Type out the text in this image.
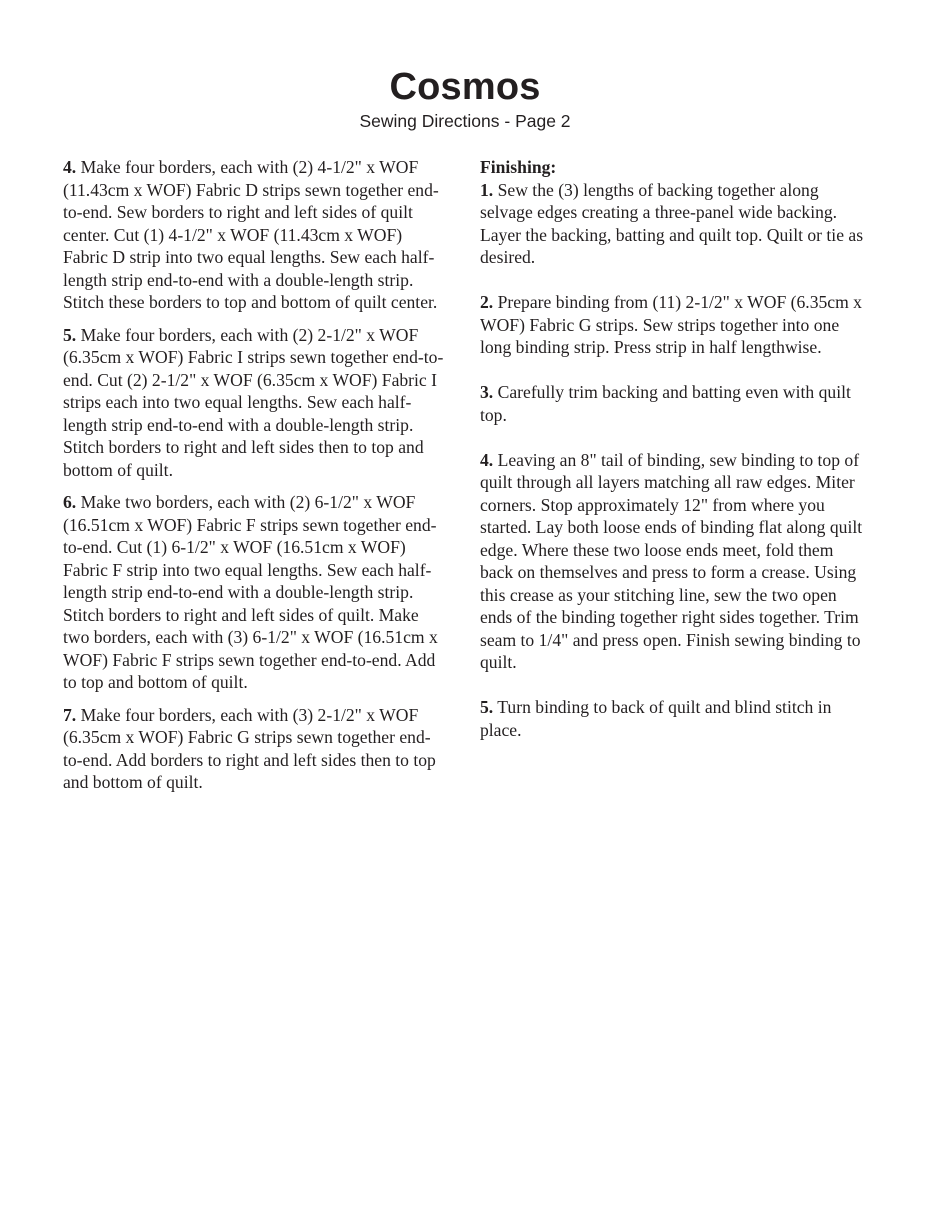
Cosmos

Sewing Directions - Page 2

4. Make four borders, each with (2) 4-1/2" x WOF (11.43cm x WOF) Fabric D strips sewn together end-to-end. Sew borders to right and left sides of quilt center. Cut (1) 4-1/2" x WOF (11.43cm x WOF) Fabric D strip into two equal lengths. Sew each half-length strip end-to-end with a double-length strip. Stitch these borders to top and bottom of quilt center.

5. Make four borders, each with (2) 2-1/2" x WOF (6.35cm x WOF) Fabric I strips sewn together end-to-end. Cut (2) 2-1/2" x WOF (6.35cm x WOF) Fabric I strips each into two equal lengths. Sew each half-length strip end-to-end with a double-length strip. Stitch borders to right and left sides then to top and bottom of quilt.

6. Make two borders, each with (2) 6-1/2" x WOF (16.51cm x WOF) Fabric F strips sewn together end-to-end. Cut (1) 6-1/2" x WOF (16.51cm x WOF) Fabric F strip into two equal lengths. Sew each half-length strip end-to-end with a double-length strip. Stitch borders to right and left sides of quilt. Make two borders, each with (3) 6-1/2" x WOF (16.51cm x WOF) Fabric F strips sewn together end-to-end. Add to top and bottom of quilt.

7. Make four borders, each with (3) 2-1/2" x WOF (6.35cm x WOF) Fabric G strips sewn together end-to-end. Add borders to right and left sides then to top and bottom of quilt.

Finishing:

1. Sew the (3) lengths of backing together along selvage edges creating a three-panel wide backing. Layer the backing, batting and quilt top. Quilt or tie as desired.

2. Prepare binding from (11) 2-1/2" x WOF (6.35cm x WOF) Fabric G strips. Sew strips together into one long binding strip. Press strip in half lengthwise.

3. Carefully trim backing and batting even with quilt top.

4. Leaving an 8" tail of binding, sew binding to top of quilt through all layers matching all raw edges. Miter corners. Stop approximately 12" from where you started. Lay both loose ends of binding flat along quilt edge. Where these two loose ends meet, fold them back on themselves and press to form a crease. Using this crease as your stitching line, sew the two open ends of the binding together right sides together. Trim seam to 1/4" and press open. Finish sewing binding to quilt.

5. Turn binding to back of quilt and blind stitch in place.
